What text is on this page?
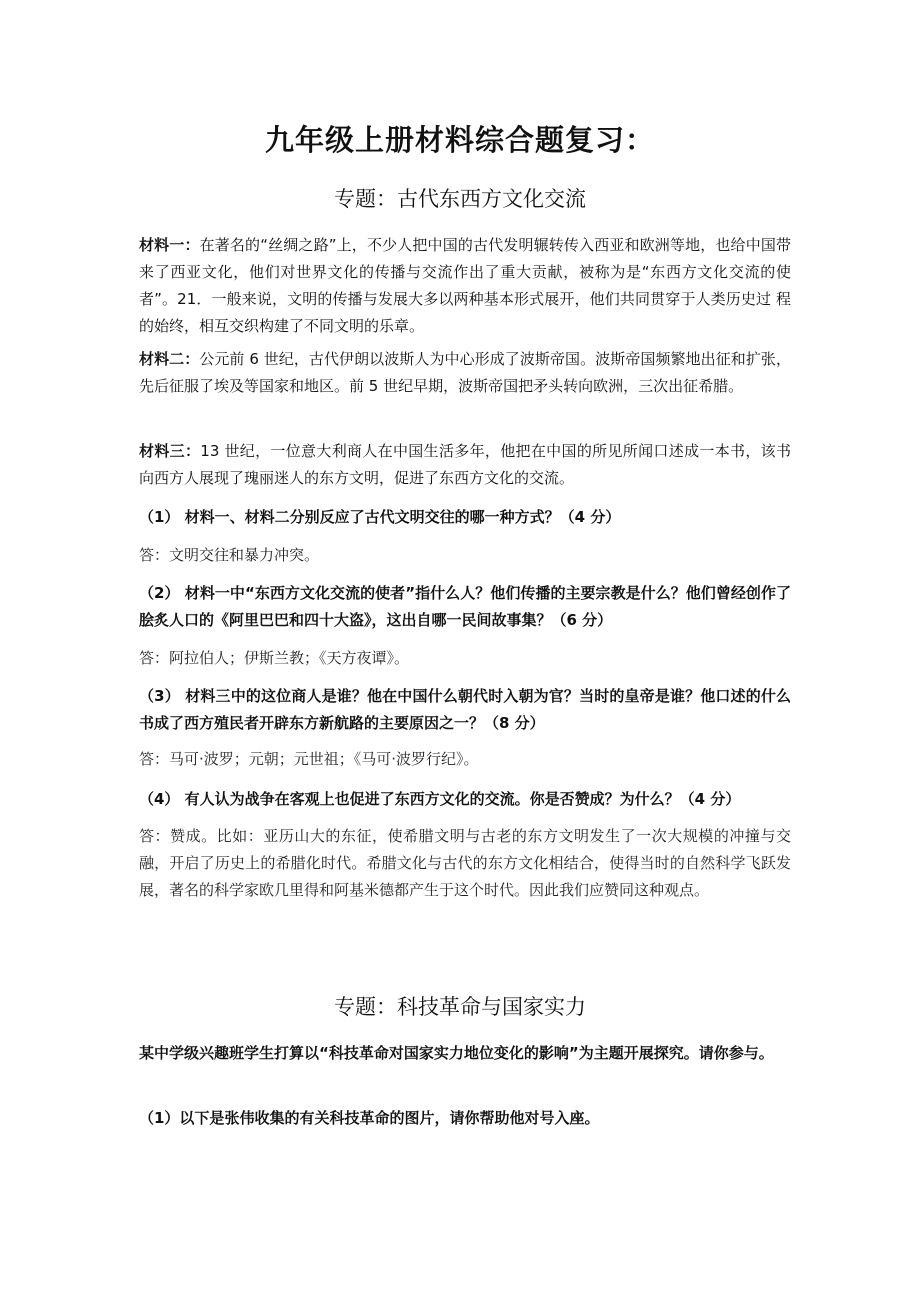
九年级上册材料综合题复习：
专题：古代东西方文化交流
材料一：在著名的“丝绸之路”上，不少人把中国的古代发明辗转传入西亚和欧洲等地，也给中国带来了西亚文化，他们对世界文化的传播与交流作出了重大贡献，被称为是“东西方文化交流的使者”。21．一般来说，文明的传播与发展大多以两种基本形式展开，他们共同贯穿于人类历史过 程的始终，相互交织构建了不同文明的乐章。
材料二：公元前 6 世纪，古代伊朗以波斯人为中心形成了波斯帝国。波斯帝国频繁地出征和扩张，先后征服了埃及等国家和地区。前 5 世纪早期，波斯帝国把矛头转向欧洲，三次出征希腊。
材料三：13 世纪，一位意大利商人在中国生活多年，他把在中国的所见所闻口述成一本书，该书向西方人展现了瑰丽迷人的东方文明，促进了东西方文化的交流。
（1） 材料一、材料二分别反应了古代文明交往的哪一种方式？（4 分）
答：文明交往和暴力冲突。
（2） 材料一中“东西方文化交流的使者”指什么人？他们传播的主要宗教是什么？他们曾经创作了脍炙人口的《阿里巴巴和四十大盗》，这出自哪一民间故事集？（6 分）
答：阿拉伯人；伊斯兰教；《天方夜谭》。
（3） 材料三中的这位商人是谁？他在中国什么朝代时入朝为官？当时的皇帝是谁？他口述的什么书成了西方殖民者开辟东方新航路的主要原因之一？（8 分）
答：马可·波罗；元朝；元世祖；《马可·波罗行纪》。
（4） 有人认为战争在客观上也促进了东西方文化的交流。你是否赞成？为什么？（4 分）
答：赞成。比如：亚历山大的东征，使希腊文明与古老的东方文明发生了一次大规模的冲撞与交融，开启了历史上的希腊化时代。希腊文化与古代的东方文化相结合，使得当时的自然科学飞跃发展，著名的科学家欧几里得和阿基米德都产生于这个时代。因此我们应赞同这种观点。
专题：科技革命与国家实力
某中学级兴趣班学生打算以“科技革命对国家实力地位变化的影响”为主题开展探究。请你参与。
（1）以下是张伟收集的有关科技革命的图片，请你帮助他对号入座。
